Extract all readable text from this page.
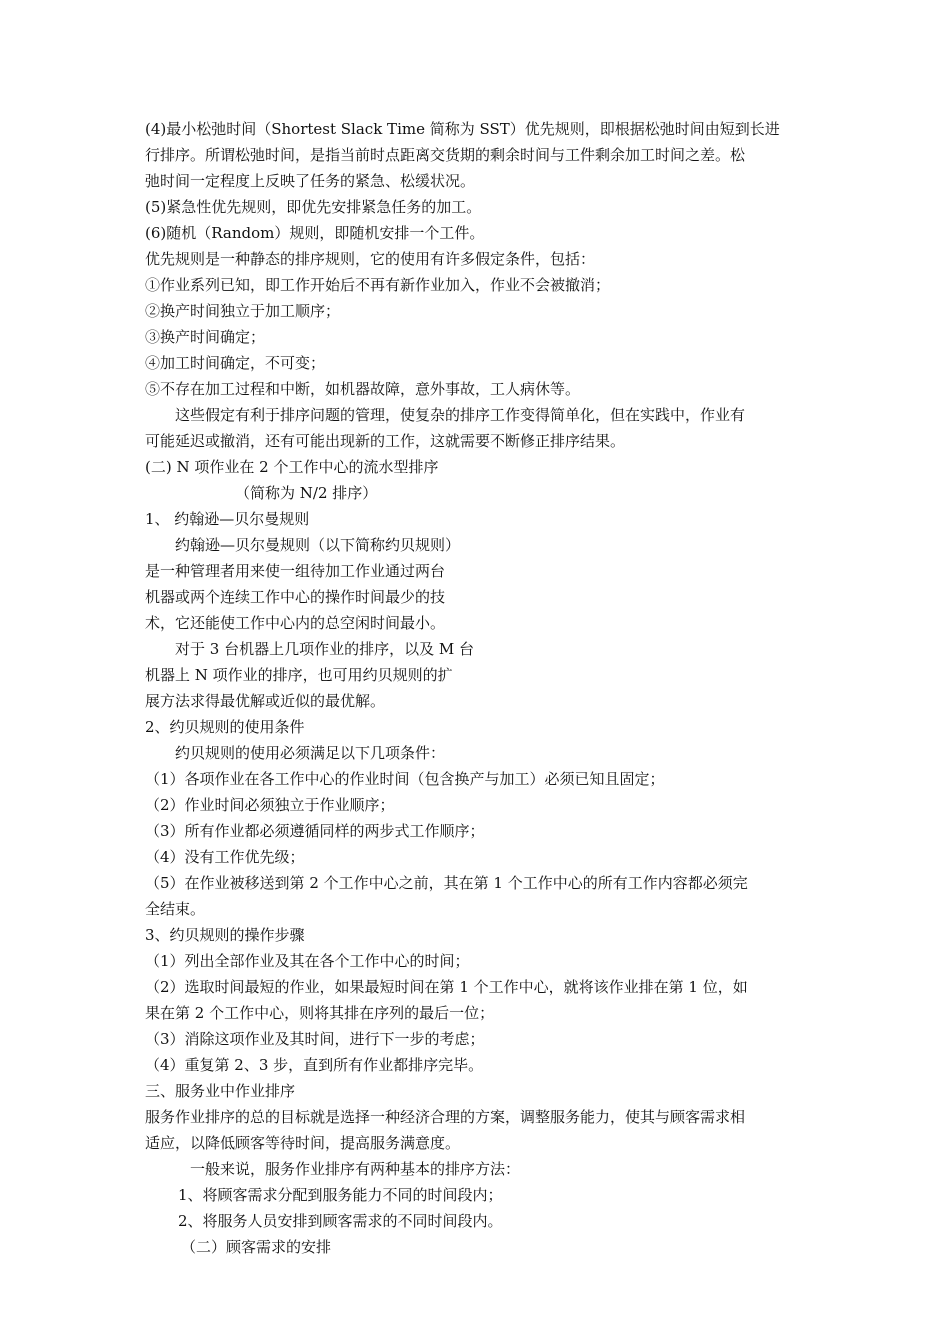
(4)最小松弛时间（Shortest Slack Time 简称为 SST）优先规则，即根据松弛时间由短到长进
行排序。所谓松弛时间，是指当前时点距离交货期的剩余时间与工件剩余加工时间之差。松
弛时间一定程度上反映了任务的紧急、松缓状况。
(5)紧急性优先规则，即优先安排紧急任务的加工。
(6)随机（Random）规则，即随机安排一个工件。
优先规则是一种静态的排序规则，它的使用有许多假定条件，包括：
①作业系列已知，即工作开始后不再有新作业加入，作业不会被撤消；
②换产时间独立于加工顺序；
③换产时间确定；
④加工时间确定，不可变；
⑤不存在加工过程和中断，如机器故障，意外事故，工人病休等。
这些假定有利于排序问题的管理，使复杂的排序工作变得简单化，但在实践中，作业有
可能延迟或撤消，还有可能出现新的工作，这就需要不断修正排序结果。
(二) N 项作业在 2 个工作中心的流水型排序
（简称为 N/2 排序）
1、 约翰逊—贝尔曼规则
约翰逊—贝尔曼规则（以下简称约贝规则）
是一种管理者用来使一组待加工作业通过两台
机器或两个连续工作中心的操作时间最少的技
术，它还能使工作中心内的总空闲时间最小。
对于 3 台机器上几项作业的排序，以及 M 台
机器上 N 项作业的排序，也可用约贝规则的扩
展方法求得最优解或近似的最优解。
2、约贝规则的使用条件
约贝规则的使用必须满足以下几项条件：
（1）各项作业在各工作中心的作业时间（包含换产与加工）必须已知且固定；
（2）作业时间必须独立于作业顺序；
（3）所有作业都必须遵循同样的两步式工作顺序；
（4）没有工作优先级；
（5）在作业被移送到第 2 个工作中心之前，其在第 1 个工作中心的所有工作内容都必须完
全结束。
3、约贝规则的操作步骤
（1）列出全部作业及其在各个工作中心的时间；
（2）选取时间最短的作业，如果最短时间在第 1 个工作中心，就将该作业排在第 1 位，如
果在第 2 个工作中心，则将其排在序列的最后一位；
（3）消除这项作业及其时间，进行下一步的考虑；
（4）重复第 2、3 步，直到所有作业都排序完毕。
三、服务业中作业排序
服务作业排序的总的目标就是选择一种经济合理的方案，调整服务能力，使其与顾客需求相
适应，以降低顾客等待时间，提高服务满意度。
一般来说，服务作业排序有两种基本的排序方法：
1、将顾客需求分配到服务能力不同的时间段内；
2、将服务人员安排到顾客需求的不同时间段内。
（二）顾客需求的安排
